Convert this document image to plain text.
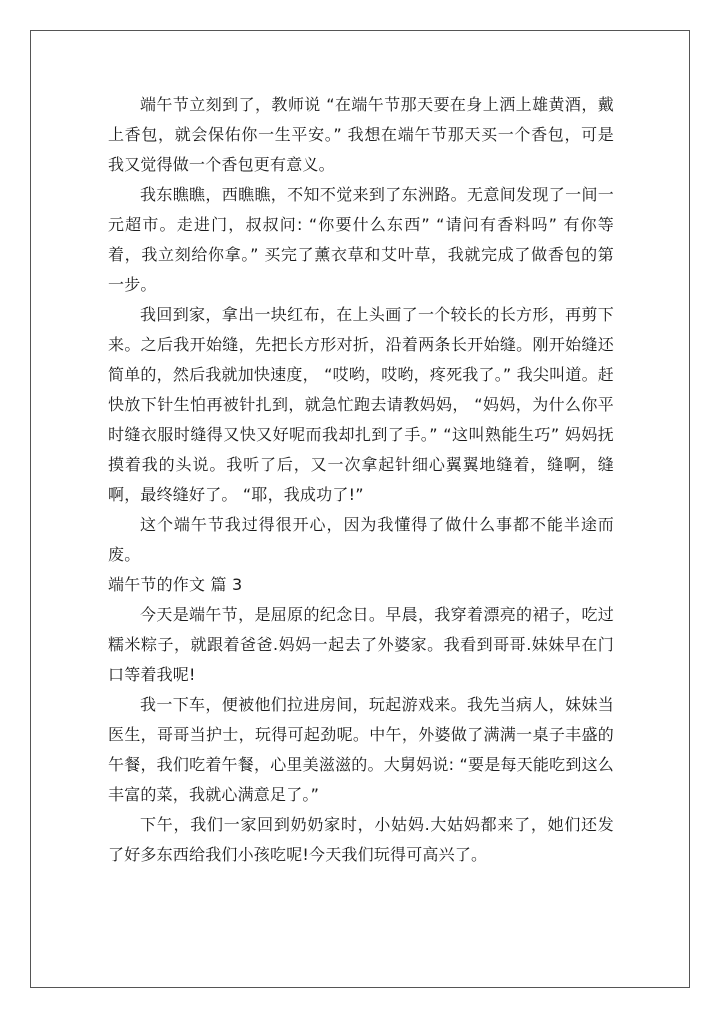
端午节立刻到了，教师说 “在端午节那天要在身上洒上雄黄酒，戴上香包，就会保佑你一生平安。” 我想在端午节那天买一个香包，可是我又觉得做一个香包更有意义。

我东瞧瞧，西瞧瞧，不知不觉来到了东洲路。无意间发现了一间一元超市。走进门，叔叔问: “你要什么东西” “请问有香料吗” 有你等着，我立刻给你拿。” 买完了薰衣草和艾叶草，我就完成了做香包的第一步。

我回到家，拿出一块红布，在上头画了一个较长的长方形，再剪下来。之后我开始缝，先把长方形对折，沿着两条长开始缝。刚开始缝还简单的，然后我就加快速度， “哎哟，哎哟，疼死我了。” 我尖叫道。赶快放下针生怕再被针扎到，就急忙跑去请教妈妈， “妈妈，为什么你平时缝衣服时缝得又快又好呢而我却扎到了手。” “这叫熟能生巧” 妈妈抚摸着我的头说。我听了后，又一次拿起针细心翼翼地缝着，缝啊，缝啊，最终缝好了。 “耶，我成功了!”

这个端午节我过得很开心，因为我懂得了做什么事都不能半途而废。

端午节的作文 篇 3

今天是端午节，是屈原的纪念日。早晨，我穿着漂亮的裙子，吃过糯米粽子，就跟着爸爸.妈妈一起去了外婆家。我看到哥哥.妹妹早在门口等着我呢!

我一下车，便被他们拉进房间，玩起游戏来。我先当病人，妹妹当医生，哥哥当护士，玩得可起劲呢。中午，外婆做了满满一桌子丰盛的午餐，我们吃着午餐，心里美滋滋的。大舅妈说: “要是每天能吃到这么丰富的菜，我就心满意足了。”

下午，我们一家回到奶奶家时，小姑妈.大姑妈都来了，她们还发了好多东西给我们小孩吃呢!今天我们玩得可高兴了。
